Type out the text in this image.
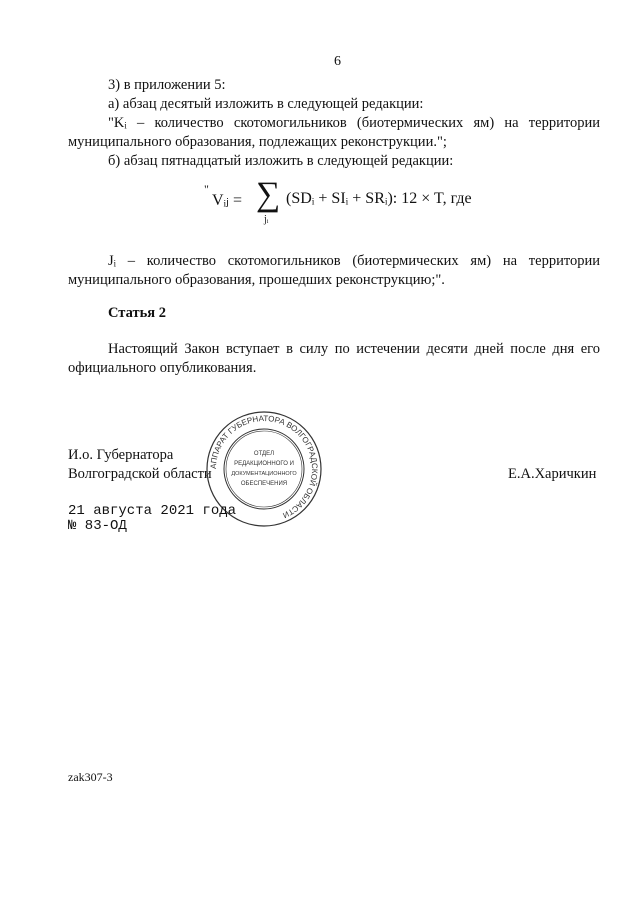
6
3) в приложении 5:
а) абзац десятый изложить в следующей редакции:
"Kᵢ – количество скотомогильников (биотермических ям) на территории муниципального образования, подлежащих реконструкции.";
б) абзац пятнадцатый изложить в следующей редакции:
"
Vᵢⱼ = ∑
jᵢ
(SDᵢ + SIᵢ + SRᵢ): 12 × T, где
Jᵢ – количество скотомогильников (биотермических ям) на территории муниципального образования, прошедших реконструкцию;".
Статья 2
Настоящий Закон вступает в силу по истечении десяти дней после дня его официального опубликования.
И.о. Губернатора
Волгоградской области	Е.А.Харичкин
АППАРАТ ГУБЕРНАТОРА ВОЛГОГРАДСКОЙ ОБЛАСТИ
ОТДЕЛ
РЕДАКЦИОННОГО И
ДОКУМЕНТАЦИОННОГО
ОБЕСПЕЧЕНИЯ
21 августа 2021 года
№ 83-ОД
zak307-3
